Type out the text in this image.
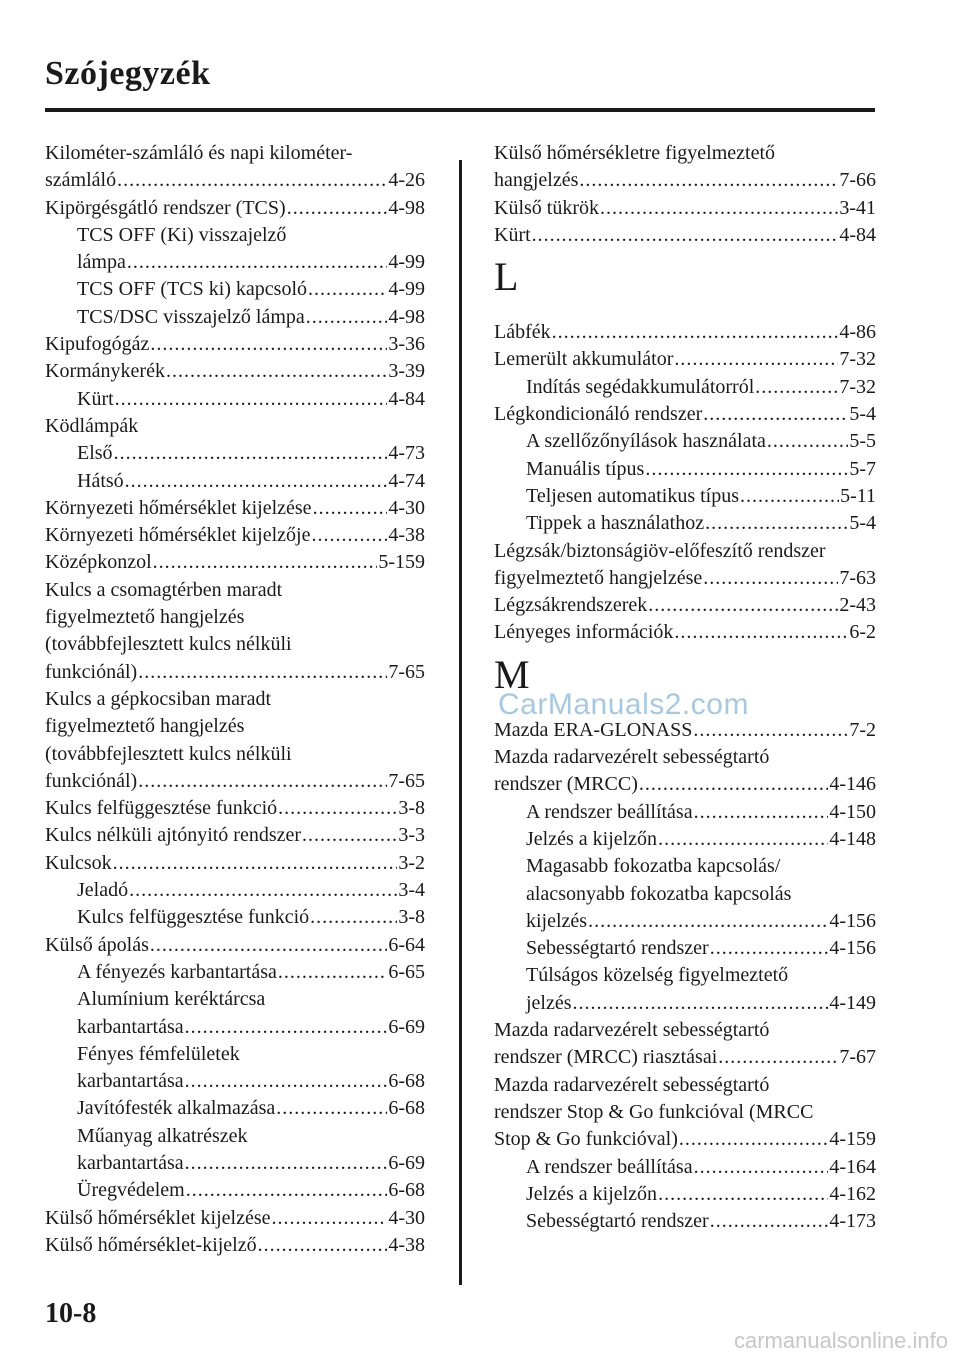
Szójegyzék
Kilométer-számláló és napi kilométer-
számláló .....	4-26
Kipörgésgátló rendszer (TCS) .....	4-98
TCS OFF (Ki) visszajelző
lámpa .....	4-99
TCS OFF (TCS ki) kapcsoló .....	4-99
TCS/DSC visszajelző lámpa .....	4-98
Kipufogógáz .....	3-36
Kormánykerék .....	3-39
Kürt .....	4-84
Ködlámpák
Első .....	4-73
Hátsó .....	4-74
Környezeti hőmérséklet kijelzése .....	4-30
Környezeti hőmérséklet kijelzője .....	4-38
Középkonzol .....	5-159
Kulcs a csomagtérben maradt
figyelmeztető hangjelzés
(továbbfejlesztett kulcs nélküli
funkciónál) .....	7-65
Kulcs a gépkocsiban maradt
figyelmeztető hangjelzés
(továbbfejlesztett kulcs nélküli
funkciónál) .....	7-65
Kulcs felfüggesztése funkció .....	3-8
Kulcs nélküli ajtónyitó rendszer .....	3-3
Kulcsok .....	3-2
Jeladó .....	3-4
Kulcs felfüggesztése funkció .....	3-8
Külső ápolás .....	6-64
A fényezés karbantartása .....	6-65
Alumínium keréktárcsa
karbantartása .....	6-69
Fényes fémfelületek
karbantartása .....	6-68
Javítófesték alkalmazása .....	6-68
Műanyag alkatrészek
karbantartása .....	6-69
Üregvédelem .....	6-68
Külső hőmérséklet kijelzése .....	4-30
Külső hőmérséklet-kijelző .....	4-38
Külső hőmérsékletre figyelmeztető
hangjelzés .....	7-66
Külső tükrök .....	3-41
Kürt .....	4-84
L
Lábfék .....	4-86
Lemerült akkumulátor .....	7-32
Indítás segédakkumulátorról .....	7-32
Légkondicionáló rendszer .....	5-4
A szellőzőnyílások használata .....	5-5
Manuális típus .....	5-7
Teljesen automatikus típus .....	5-11
Tippek a használathoz .....	5-4
Légzsák/biztonságiöv-előfeszítő rendszer
figyelmeztető hangjelzése .....	7-63
Légzsákrendszerek .....	2-43
Lényeges információk .....	6-2
M
Mazda ERA-GLONASS .....	7-2
Mazda radarvezérelt sebességtartó
rendszer (MRCC) .....	4-146
A rendszer beállítása .....	4-150
Jelzés a kijelzőn .....	4-148
Magasabb fokozatba kapcsolás/
alacsonyabb fokozatba kapcsolás
kijelzés .....	4-156
Sebességtartó rendszer .....	4-156
Túlságos közelség figyelmeztető
jelzés .....	4-149
Mazda radarvezérelt sebességtartó
rendszer (MRCC) riasztásai .....	7-67
Mazda radarvezérelt sebességtartó
rendszer Stop & Go funkcióval (MRCC
Stop & Go funkcióval) .....	4-159
A rendszer beállítása .....	4-164
Jelzés a kijelzőn .....	4-162
Sebességtartó rendszer .....	4-173
CarManuals2.com
10-8
carmanualsonline.info
